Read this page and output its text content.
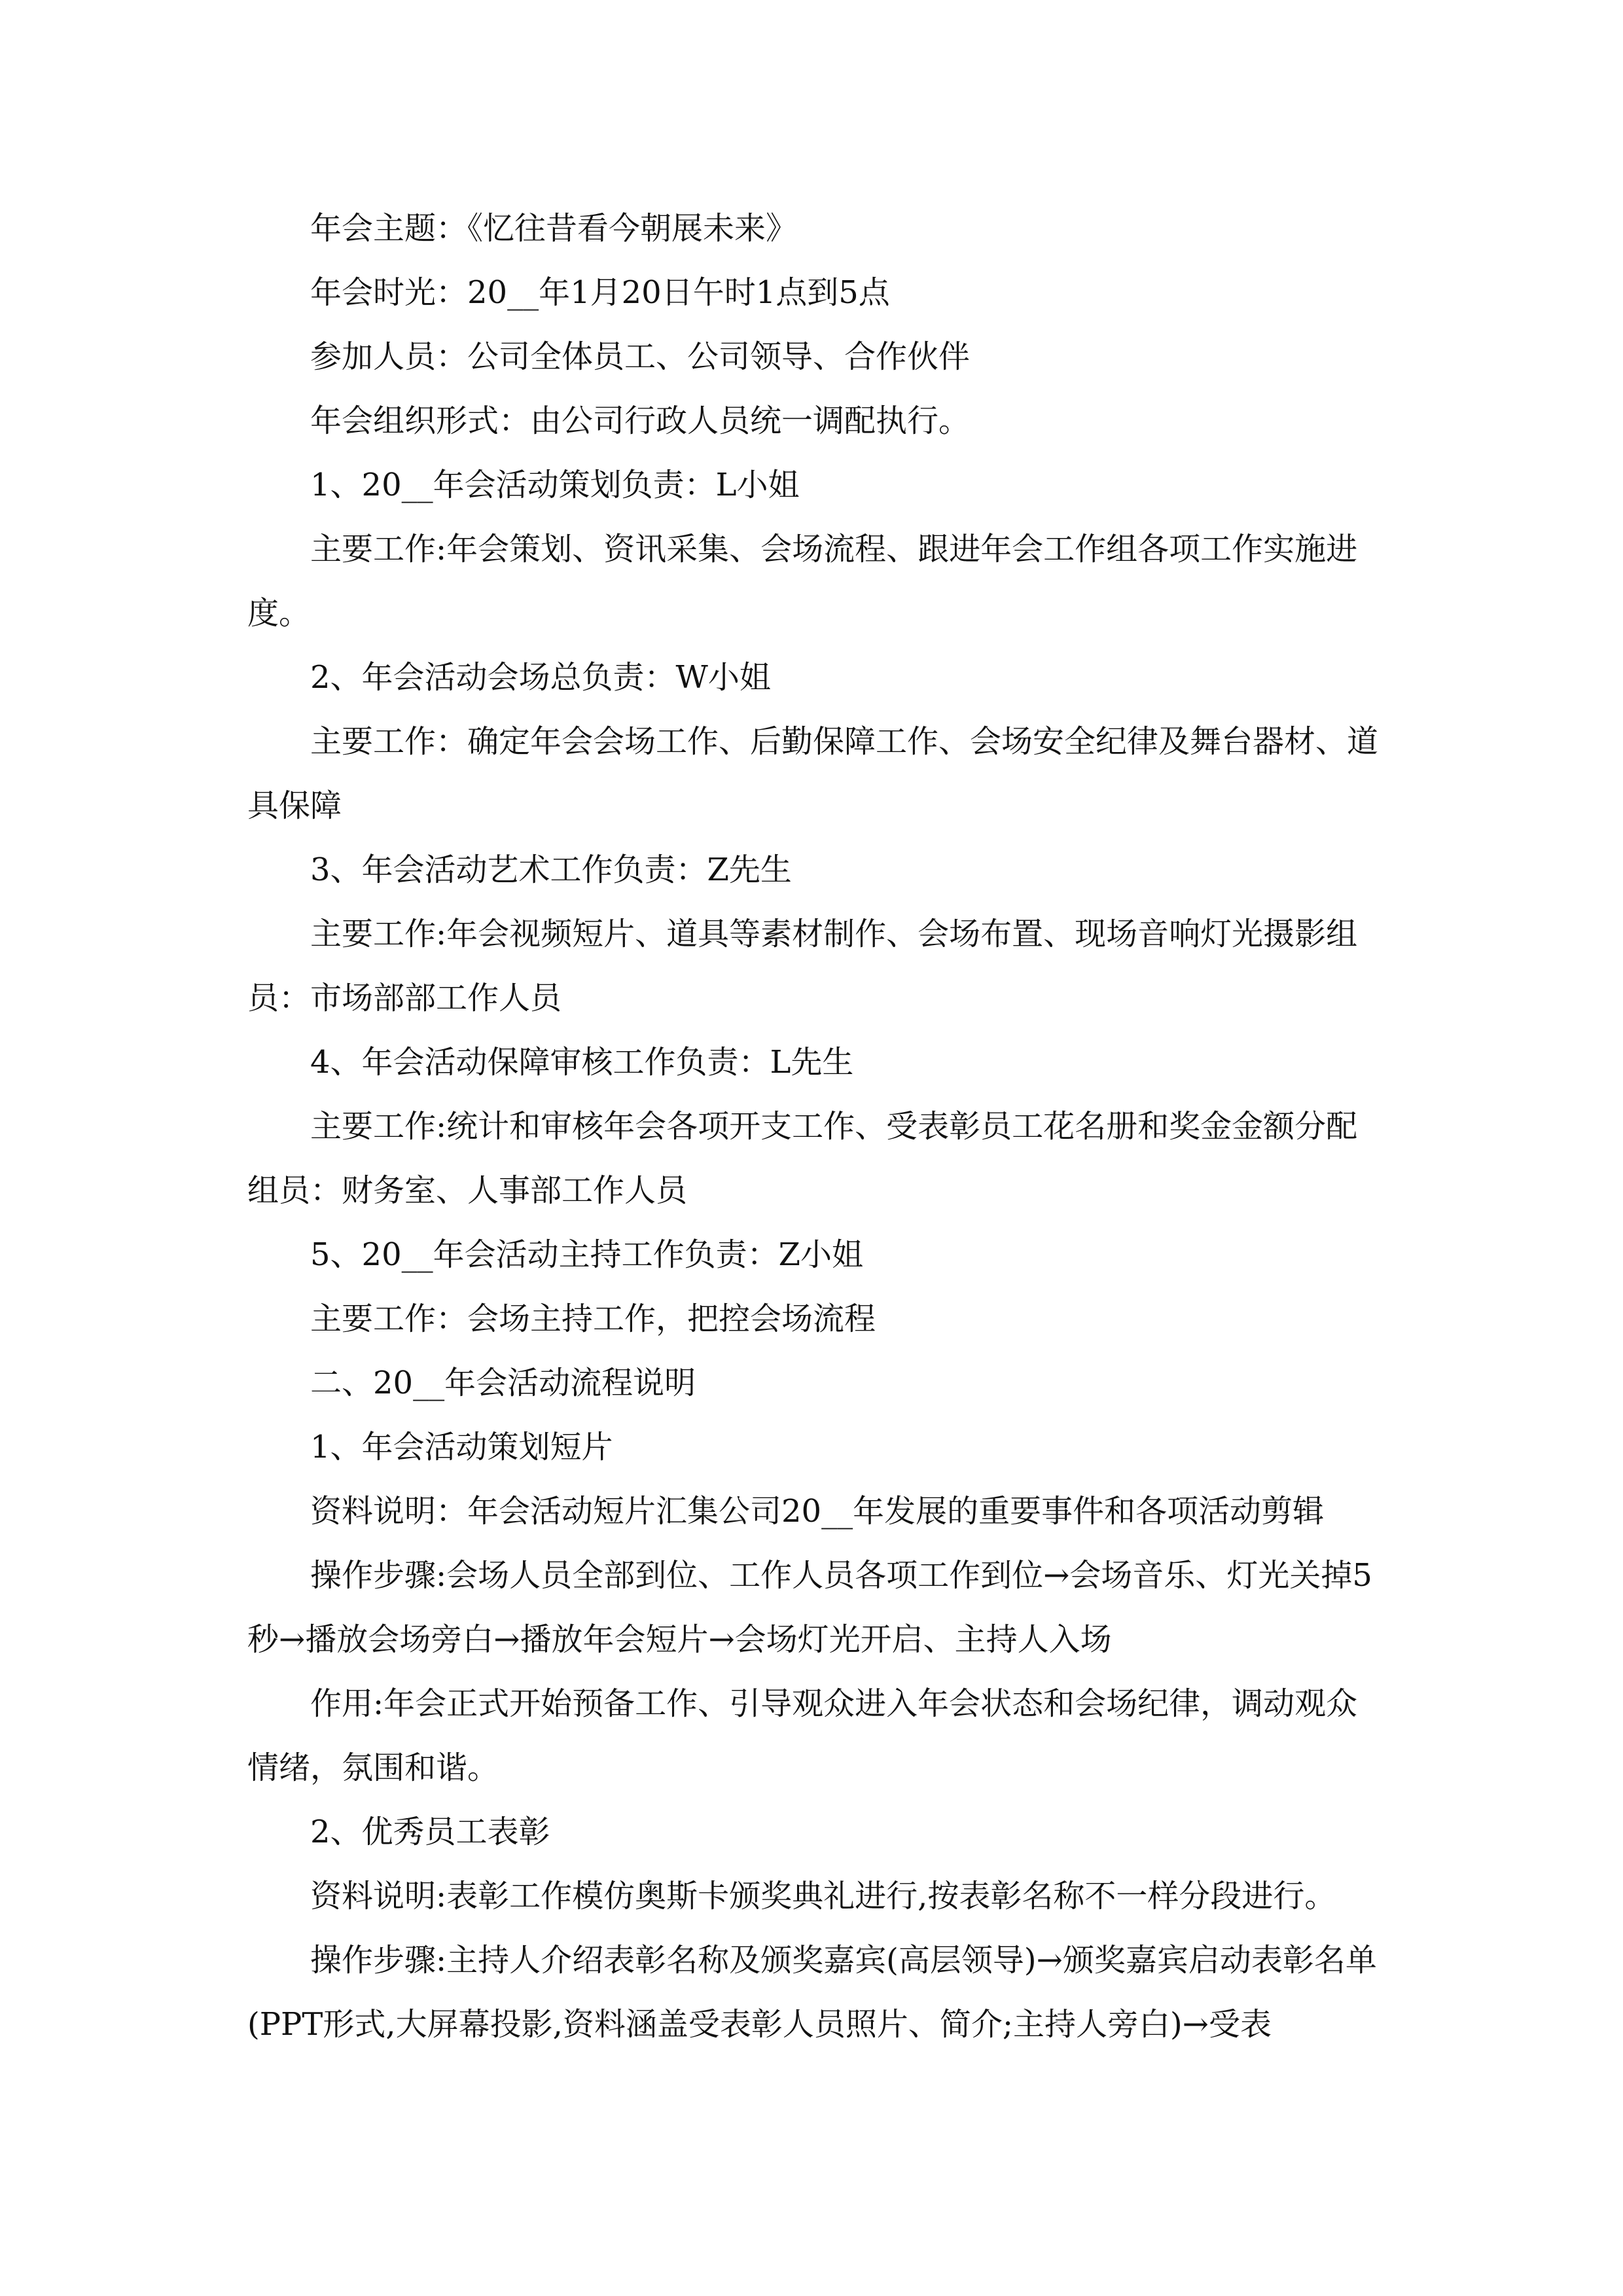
年会主题：《忆往昔看今朝展未来》

年会时光：20__年1月20日午时1点到5点

参加人员：公司全体员工、公司领导、合作伙伴

年会组织形式：由公司行政人员统一调配执行。

1、20__年会活动策划负责：L小姐

主要工作:年会策划、资讯采集、会场流程、跟进年会工作组各项工作实施进度。

2、年会活动会场总负责：W小姐

主要工作：确定年会会场工作、后勤保障工作、会场安全纪律及舞台器材、道具保障

3、年会活动艺术工作负责：Z先生

主要工作:年会视频短片、道具等素材制作、会场布置、现场音响灯光摄影组员：市场部部工作人员

4、年会活动保障审核工作负责：L先生

主要工作:统计和审核年会各项开支工作、受表彰员工花名册和奖金金额分配组员：财务室、人事部工作人员

5、20__年会活动主持工作负责：Z小姐

主要工作：会场主持工作，把控会场流程

二、20__年会活动流程说明

1、年会活动策划短片

资料说明：年会活动短片汇集公司20__年发展的重要事件和各项活动剪辑

操作步骤:会场人员全部到位、工作人员各项工作到位→会场音乐、灯光关掉5秒→播放会场旁白→播放年会短片→会场灯光开启、主持人入场

作用:年会正式开始预备工作、引导观众进入年会状态和会场纪律，调动观众情绪，氛围和谐。

2、优秀员工表彰

资料说明:表彰工作模仿奥斯卡颁奖典礼进行,按表彰名称不一样分段进行。

操作步骤:主持人介绍表彰名称及颁奖嘉宾(高层领导)→颁奖嘉宾启动表彰名单(PPT形式,大屏幕投影,资料涵盖受表彰人员照片、简介;主持人旁白)→受表
